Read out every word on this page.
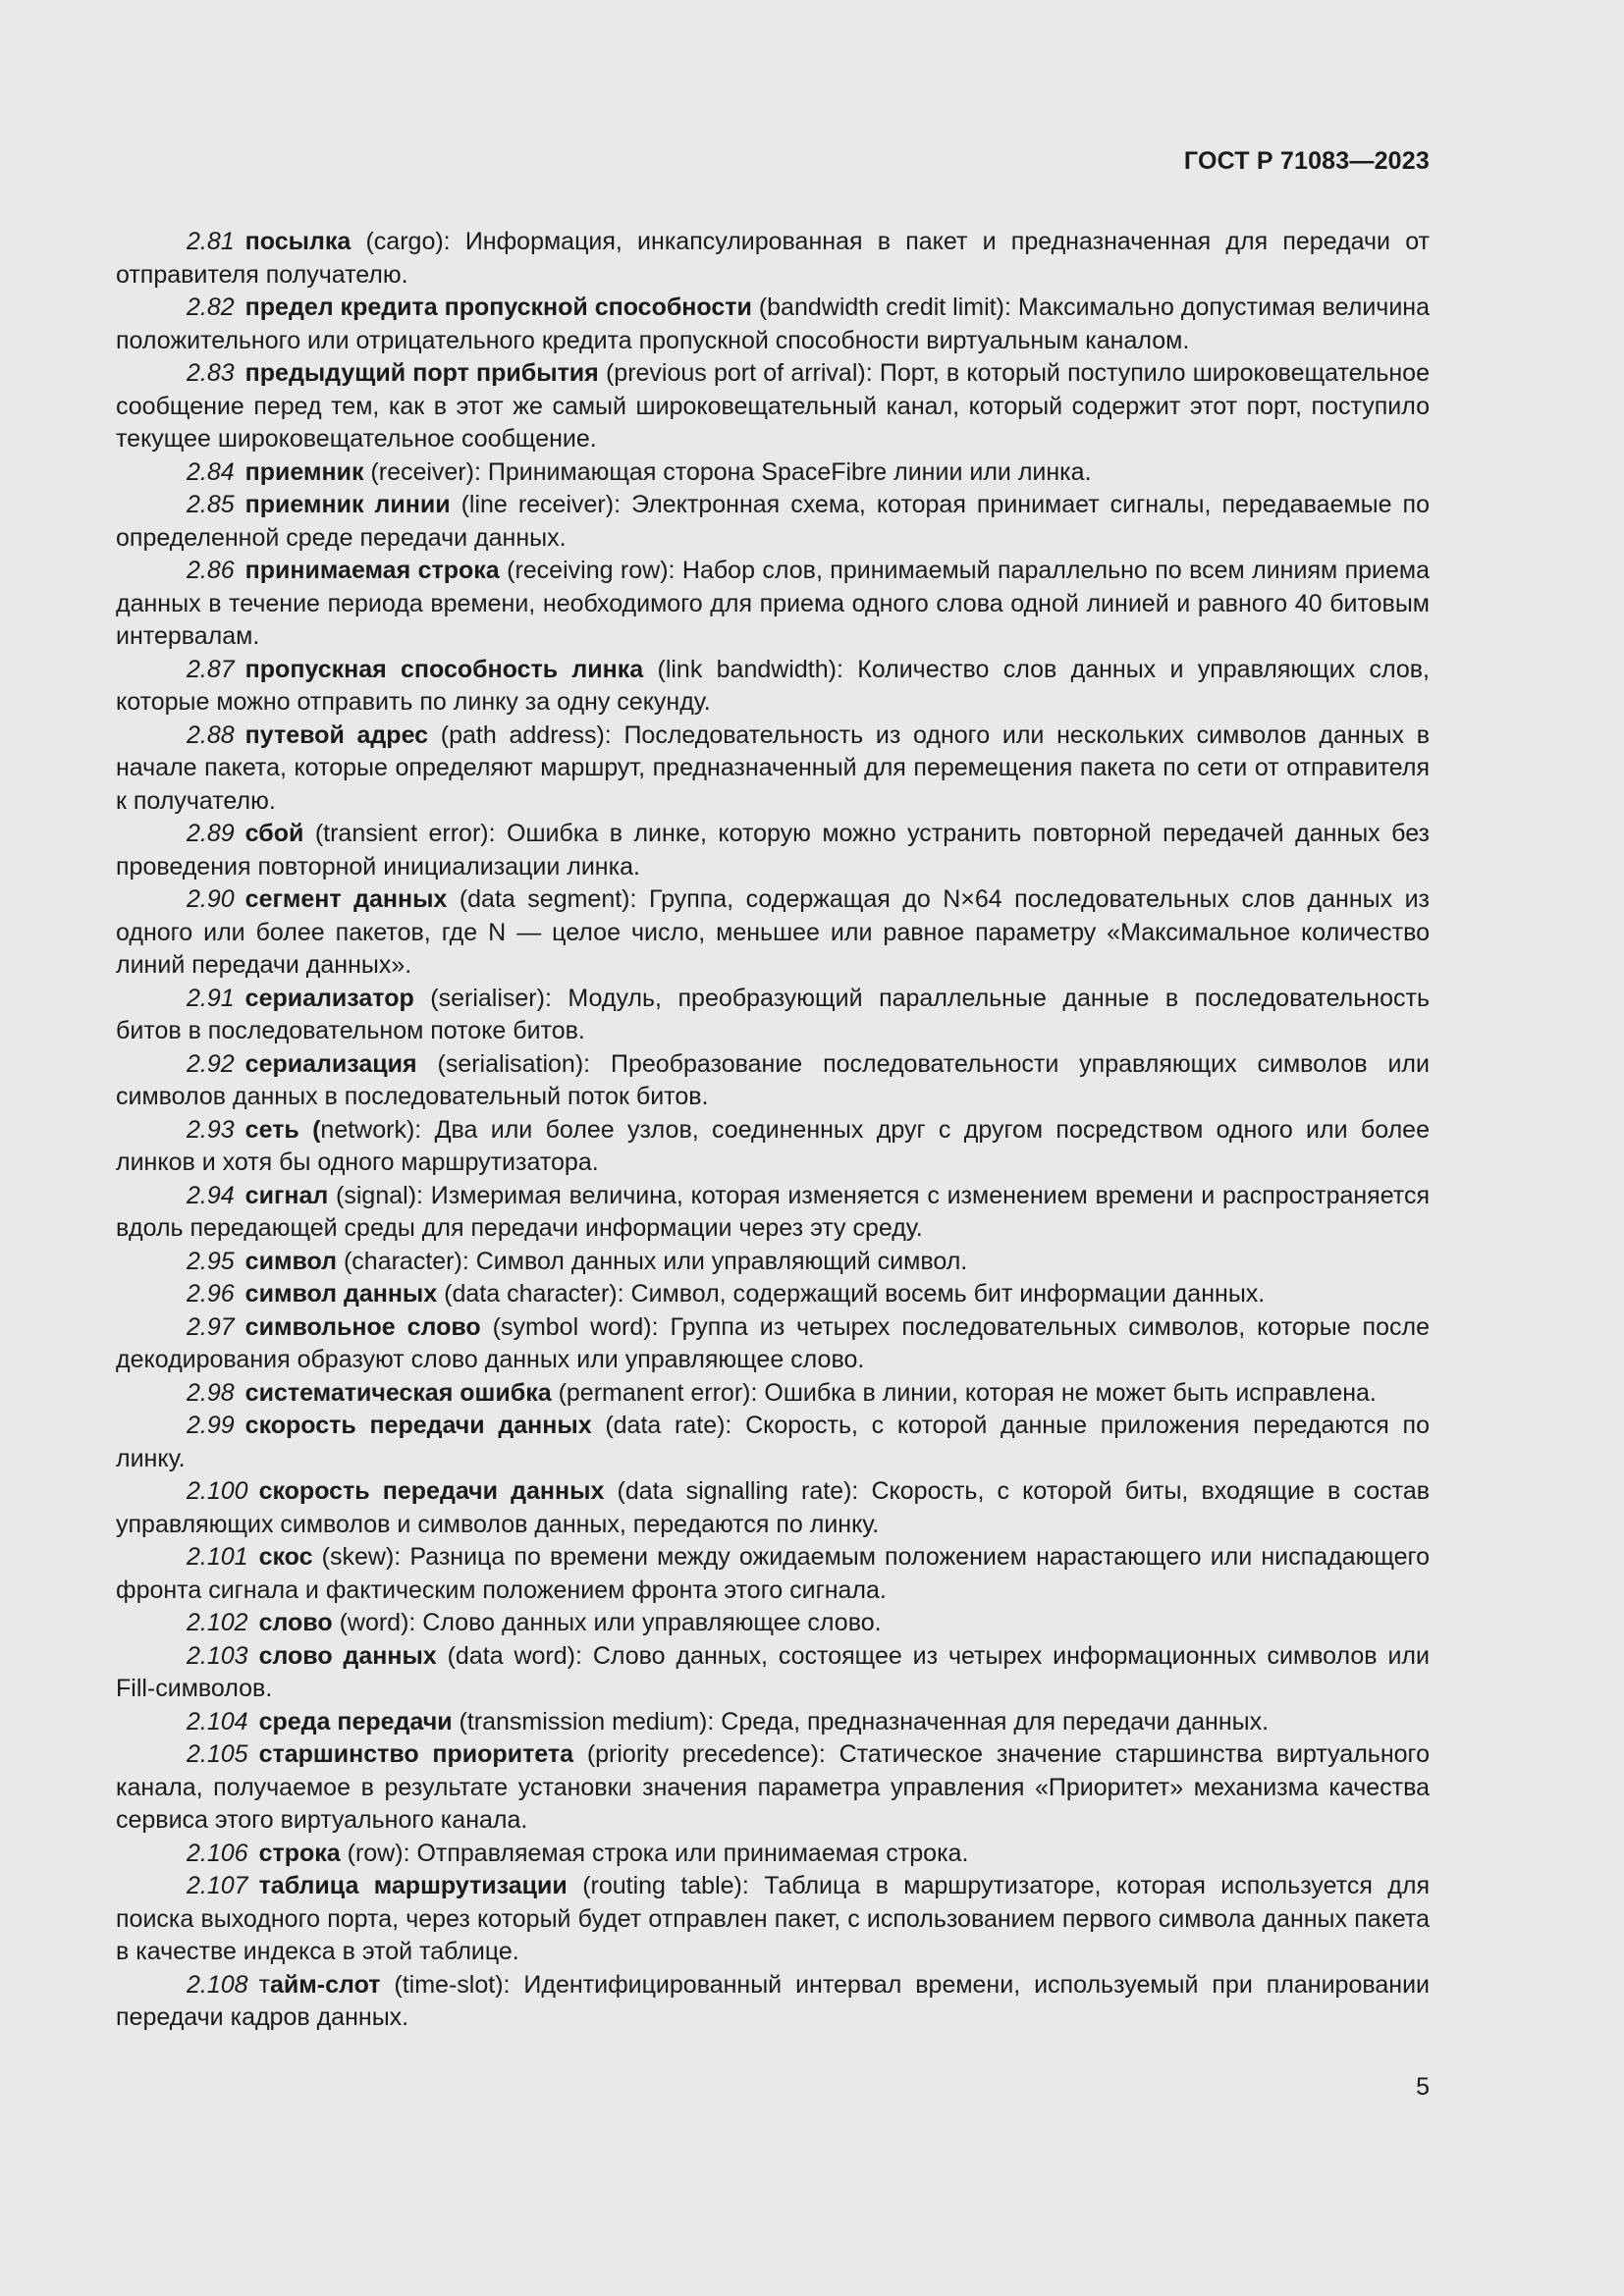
ГОСТ Р 71083—2023

2.81 посылка (cargo): Информация, инкапсулированная в пакет и предназначенная для передачи от отправителя получателю.

2.82 предел кредита пропускной способности (bandwidth credit limit): Максимально допустимая величина положительного или отрицательного кредита пропускной способности виртуальным каналом.

2.83 предыдущий порт прибытия (previous port of arrival): Порт, в который поступило широковещательное сообщение перед тем, как в этот же самый широковещательный канал, который содержит этот порт, поступило текущее широковещательное сообщение.

2.84 приемник (receiver): Принимающая сторона SpaceFibre линии или линка.

2.85 приемник линии (line receiver): Электронная схема, которая принимает сигналы, передаваемые по определенной среде передачи данных.

2.86 принимаемая строка (receiving row): Набор слов, принимаемый параллельно по всем линиям приема данных в течение периода времени, необходимого для приема одного слова одной линией и равного 40 битовым интервалам.

2.87 пропускная способность линка (link bandwidth): Количество слов данных и управляющих слов, которые можно отправить по линку за одну секунду.

2.88 путевой адрес (path address): Последовательность из одного или нескольких символов данных в начале пакета, которые определяют маршрут, предназначенный для перемещения пакета по сети от отправителя к получателю.

2.89 сбой (transient error): Ошибка в линке, которую можно устранить повторной передачей данных без проведения повторной инициализации линка.

2.90 сегмент данных (data segment): Группа, содержащая до N×64 последовательных слов данных из одного или более пакетов, где N — целое число, меньшее или равное параметру «Максимальное количество линий передачи данных».

2.91 сериализатор (serialiser): Модуль, преобразующий параллельные данные в последовательность битов в последовательном потоке битов.

2.92 сериализация (serialisation): Преобразование последовательности управляющих символов или символов данных в последовательный поток битов.

2.93 сеть (network): Два или более узлов, соединенных друг с другом посредством одного или более линков и хотя бы одного маршрутизатора.

2.94 сигнал (signal): Измеримая величина, которая изменяется с изменением времени и распространяется вдоль передающей среды для передачи информации через эту среду.

2.95 символ (character): Символ данных или управляющий символ.

2.96 символ данных (data character): Символ, содержащий восемь бит информации данных.

2.97 символьное слово (symbol word): Группа из четырех последовательных символов, которые после декодирования образуют слово данных или управляющее слово.

2.98 систематическая ошибка (permanent error): Ошибка в линии, которая не может быть исправлена.

2.99 скорость передачи данных (data rate): Скорость, с которой данные приложения передаются по линку.

2.100 скорость передачи данных (data signalling rate): Скорость, с которой биты, входящие в состав управляющих символов и символов данных, передаются по линку.

2.101 скос (skew): Разница по времени между ожидаемым положением нарастающего или ниспадающего фронта сигнала и фактическим положением фронта этого сигнала.

2.102 слово (word): Слово данных или управляющее слово.

2.103 слово данных (data word): Слово данных, состоящее из четырех информационных символов или Fill-символов.

2.104 среда передачи (transmission medium): Среда, предназначенная для передачи данных.

2.105 старшинство приоритета (priority precedence): Статическое значение старшинства виртуального канала, получаемое в результате установки значения параметра управления «Приоритет» механизма качества сервиса этого виртуального канала.

2.106 строка (row): Отправляемая строка или принимаемая строка.

2.107 таблица маршрутизации (routing table): Таблица в маршрутизаторе, которая используется для поиска выходного порта, через который будет отправлен пакет, с использованием первого символа данных пакета в качестве индекса в этой таблице.

2.108 тайм-слот (time-slot): Идентифицированный интервал времени, используемый при планировании передачи кадров данных.

5
